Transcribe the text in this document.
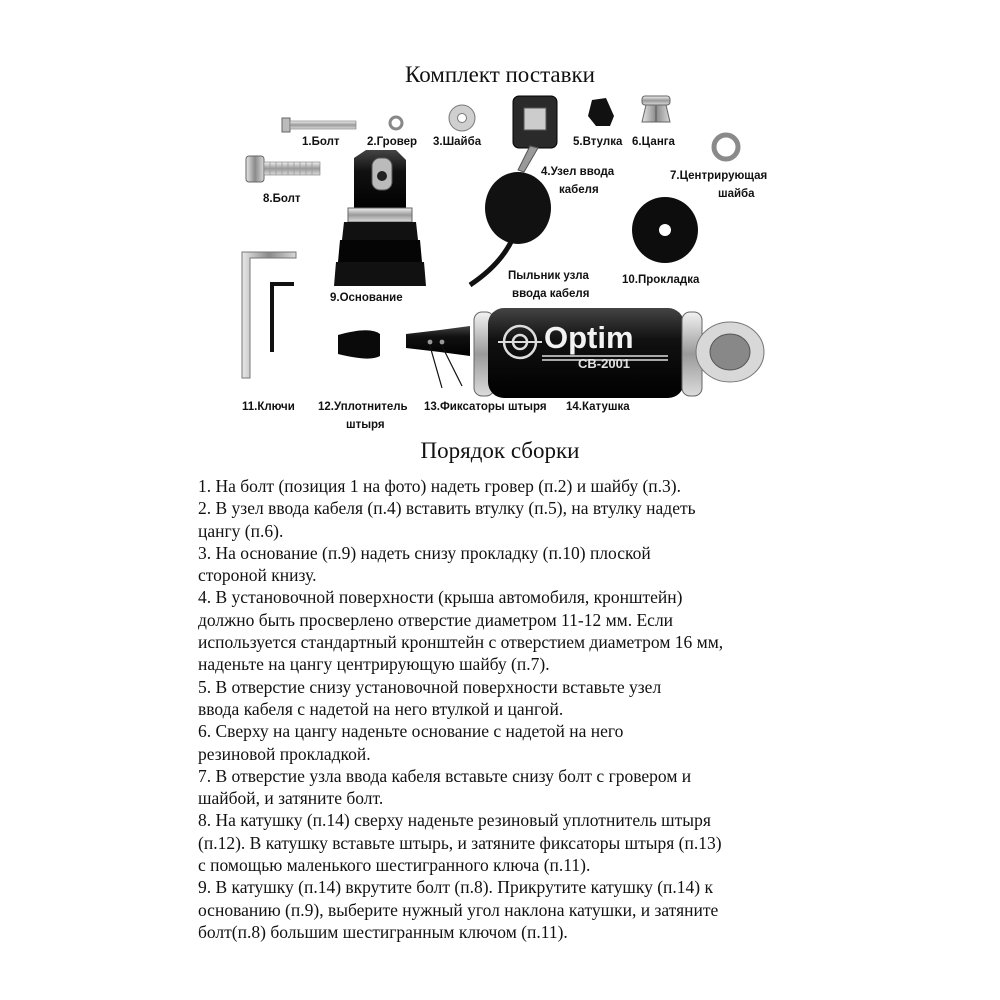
Комплект поставки
Optim
CB-2001
1.Болт 2.Гровер 3.Шайба
4.Узел ввода
кабеля
5.Втулка 6.Цанга
7.Центрирующая
шайба
8.Болт
9.Основание
Пыльник узла
ввода кабеля
10.Прокладка
11.Ключи 12.Уплотнитель
штыря
13.Фиксаторы штыря 14.Катушка
Порядок сборки
1. На болт (позиция 1 на фото) надеть гровер (п.2) и шайбу (п.3).
2. В узел ввода кабеля (п.4) вставить втулку (п.5), на втулку надеть
цангу (п.6).
3. На основание (п.9) надеть снизу прокладку (п.10) плоской
стороной книзу.
4. В установочной поверхности (крыша автомобиля, кронштейн)
должно быть просверлено отверстие диаметром 11-12 мм. Если
используется стандартный кронштейн с отверстием диаметром 16 мм,
наденьте на цангу центрирующую шайбу (п.7).
5. В отверстие снизу установочной поверхности вставьте узел
ввода кабеля с надетой на него втулкой и цангой.
6. Сверху на цангу наденьте основание с надетой на него
резиновой прокладкой.
7. В отверстие узла ввода кабеля вставьте снизу болт с гровером и
шайбой, и затяните болт.
8. На катушку (п.14) сверху наденьте резиновый уплотнитель штыря
(п.12). В катушку вставьте штырь, и затяните фиксаторы штыря (п.13)
с помощью маленького шестигранного ключа (п.11).
9. В катушку (п.14) вкрутите болт (п.8). Прикрутите катушку (п.14) к
основанию (п.9), выберите нужный угол наклона катушки, и затяните
болт(п.8) большим шестигранным ключом (п.11).
